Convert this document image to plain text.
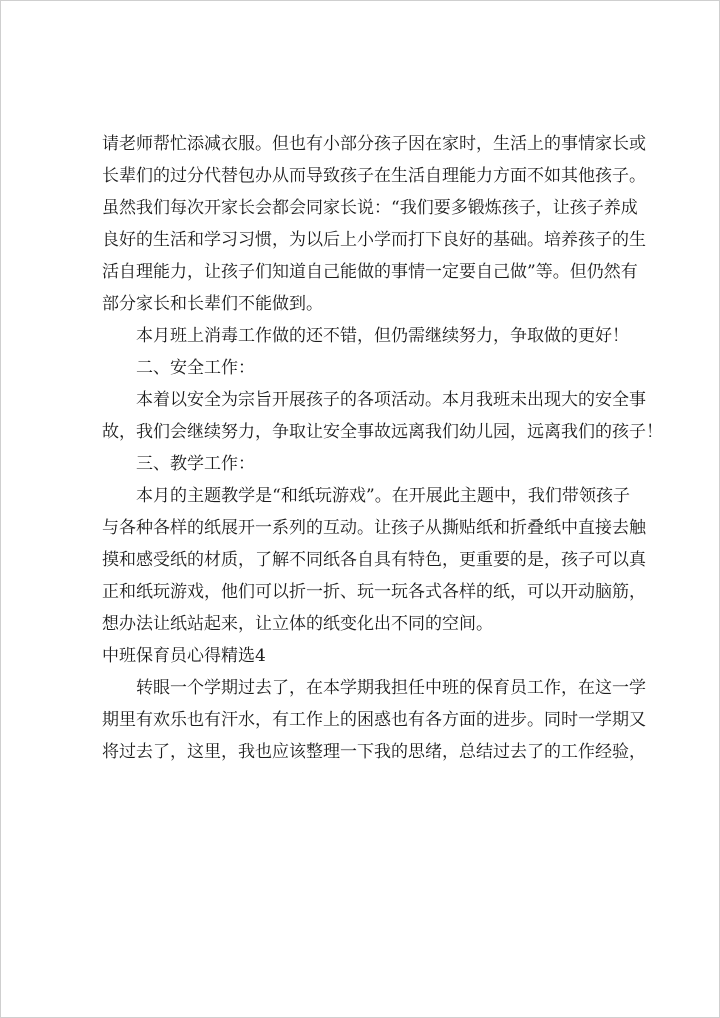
请老师帮忙添减衣服。但也有小部分孩子因在家时，生活上的事情家长或
长辈们的过分代替包办从而导致孩子在生活自理能力方面不如其他孩子。
虽然我们每次开家长会都会同家长说：“我们要多锻炼孩子，让孩子养成
良好的生活和学习习惯，为以后上小学而打下良好的基础。培养孩子的生
活自理能力，让孩子们知道自己能做的事情一定要自己做”等。但仍然有
部分家长和长辈们不能做到。
本月班上消毒工作做的还不错，但仍需继续努力，争取做的更好！
二、安全工作：
本着以安全为宗旨开展孩子的各项活动。本月我班未出现大的安全事
故，我们会继续努力，争取让安全事故远离我们幼儿园，远离我们的孩子！
三、教学工作：
本月的主题教学是“和纸玩游戏”。在开展此主题中，我们带领孩子
与各种各样的纸展开一系列的互动。让孩子从撕贴纸和折叠纸中直接去触
摸和感受纸的材质，了解不同纸各自具有特色，更重要的是，孩子可以真
正和纸玩游戏，他们可以折一折、玩一玩各式各样的纸，可以开动脑筋，
想办法让纸站起来，让立体的纸变化出不同的空间。
中班保育员心得精选4
转眼一个学期过去了，在本学期我担任中班的保育员工作，在这一学
期里有欢乐也有汗水，有工作上的困惑也有各方面的进步。同时一学期又
将过去了，这里，我也应该整理一下我的思绪，总结过去了的工作经验，
